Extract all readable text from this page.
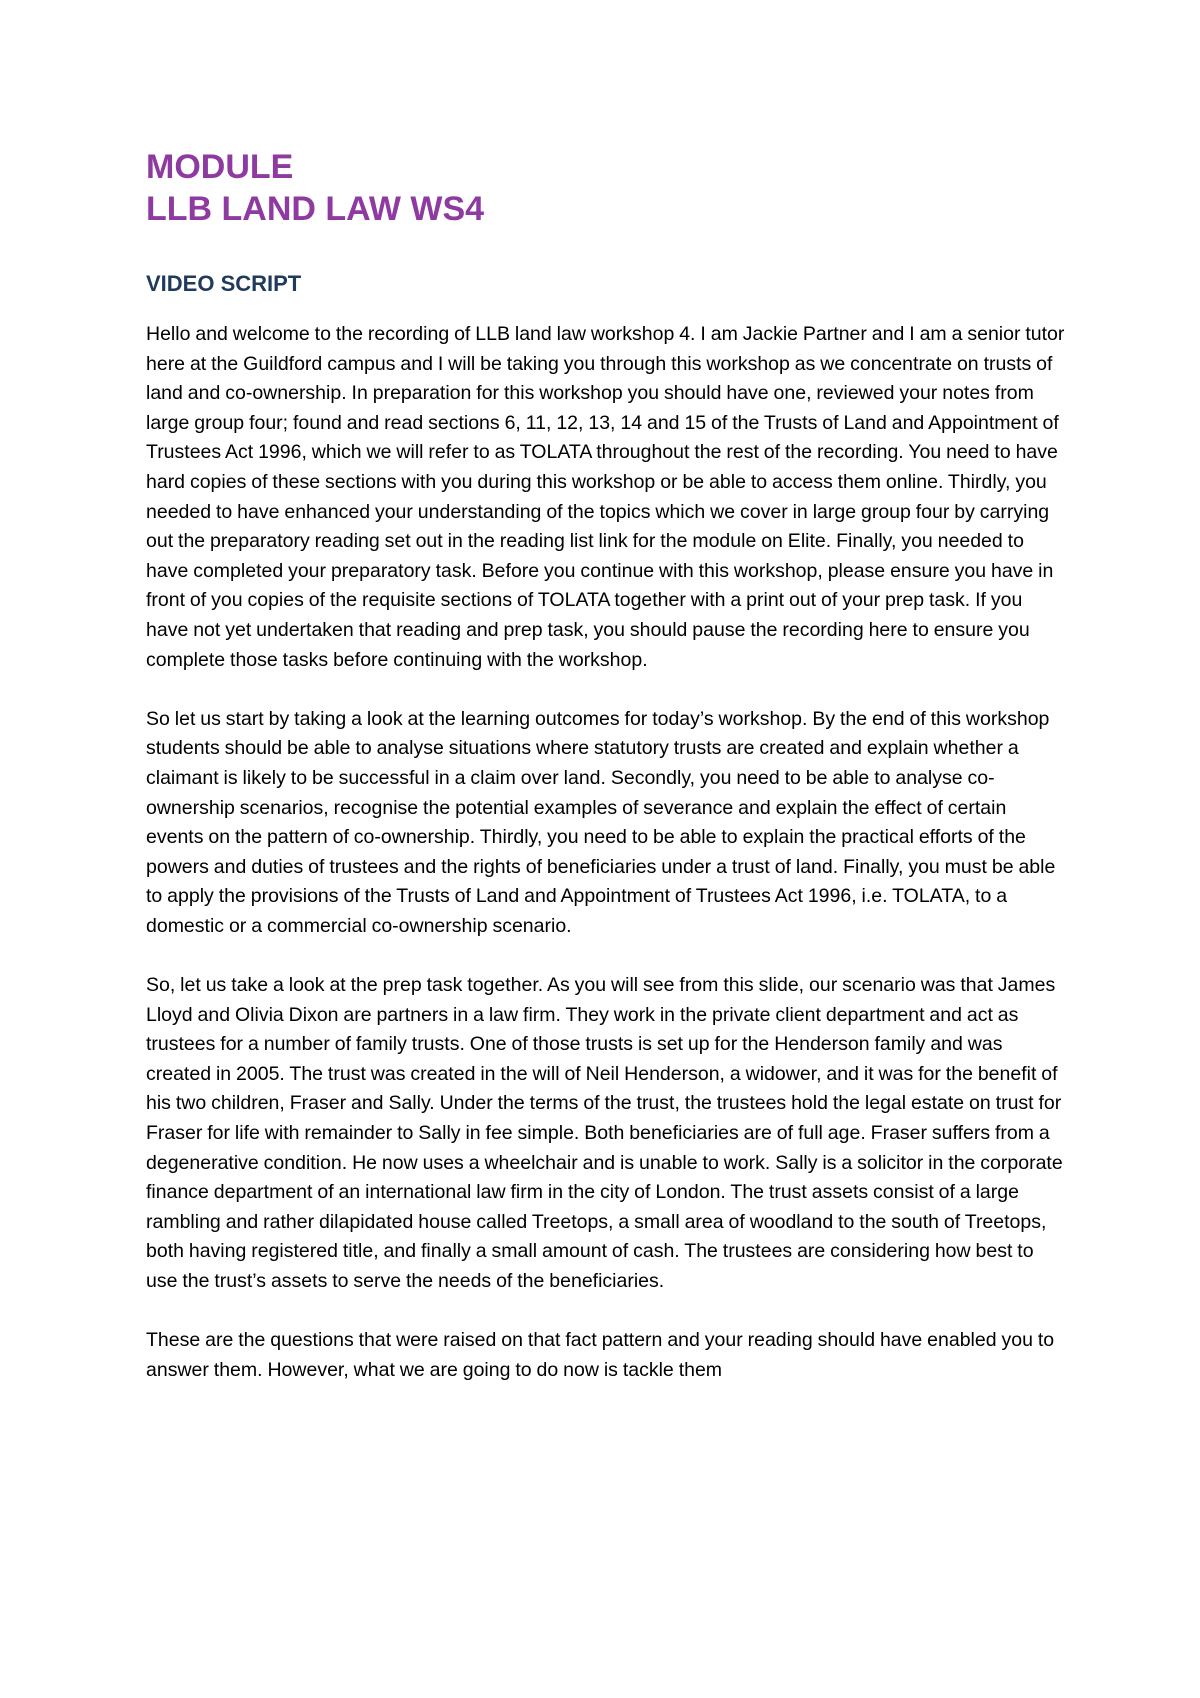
MODULE
LLB LAND LAW WS4
VIDEO SCRIPT

Hello and welcome to the recording of LLB land law workshop 4. I am Jackie Partner and I am a senior tutor here at the Guildford campus and I will be taking you through this workshop as we concentrate on trusts of land and co-ownership. In preparation for this workshop you should have one, reviewed your notes from large group four; found and read sections 6, 11, 12, 13, 14 and 15 of the Trusts of Land and Appointment of Trustees Act 1996, which we will refer to as TOLATA throughout the rest of the recording. You need to have hard copies of these sections with you during this workshop or be able to access them online. Thirdly, you needed to have enhanced your understanding of the topics which we cover in large group four by carrying out the preparatory reading set out in the reading list link for the module on Elite. Finally, you needed to have completed your preparatory task. Before you continue with this workshop, please ensure you have in front of you copies of the requisite sections of TOLATA together with a print out of your prep task. If you have not yet undertaken that reading and prep task, you should pause the recording here to ensure you complete those tasks before continuing with the workshop.

So let us start by taking a look at the learning outcomes for today’s workshop. By the end of this workshop students should be able to analyse situations where statutory trusts are created and explain whether a claimant is likely to be successful in a claim over land. Secondly, you need to be able to analyse co-ownership scenarios, recognise the potential examples of severance and explain the effect of certain events on the pattern of co-ownership. Thirdly, you need to be able to explain the practical efforts of the powers and duties of trustees and the rights of beneficiaries under a trust of land. Finally, you must be able to apply the provisions of the Trusts of Land and Appointment of Trustees Act 1996, i.e. TOLATA, to a domestic or a commercial co-ownership scenario.

So, let us take a look at the prep task together. As you will see from this slide, our scenario was that James Lloyd and Olivia Dixon are partners in a law firm. They work in the private client department and act as trustees for a number of family trusts. One of those trusts is set up for the Henderson family and was created in 2005. The trust was created in the will of Neil Henderson, a widower, and it was for the benefit of his two children, Fraser and Sally. Under the terms of the trust, the trustees hold the legal estate on trust for Fraser for life with remainder to Sally in fee simple. Both beneficiaries are of full age. Fraser suffers from a degenerative condition. He now uses a wheelchair and is unable to work. Sally is a solicitor in the corporate finance department of an international law firm in the city of London. The trust assets consist of a large rambling and rather dilapidated house called Treetops, a small area of woodland to the south of Treetops, both having registered title, and finally a small amount of cash. The trustees are considering how best to use the trust’s assets to serve the needs of the beneficiaries.

These are the questions that were raised on that fact pattern and your reading should have enabled you to answer them. However, what we are going to do now is tackle them
